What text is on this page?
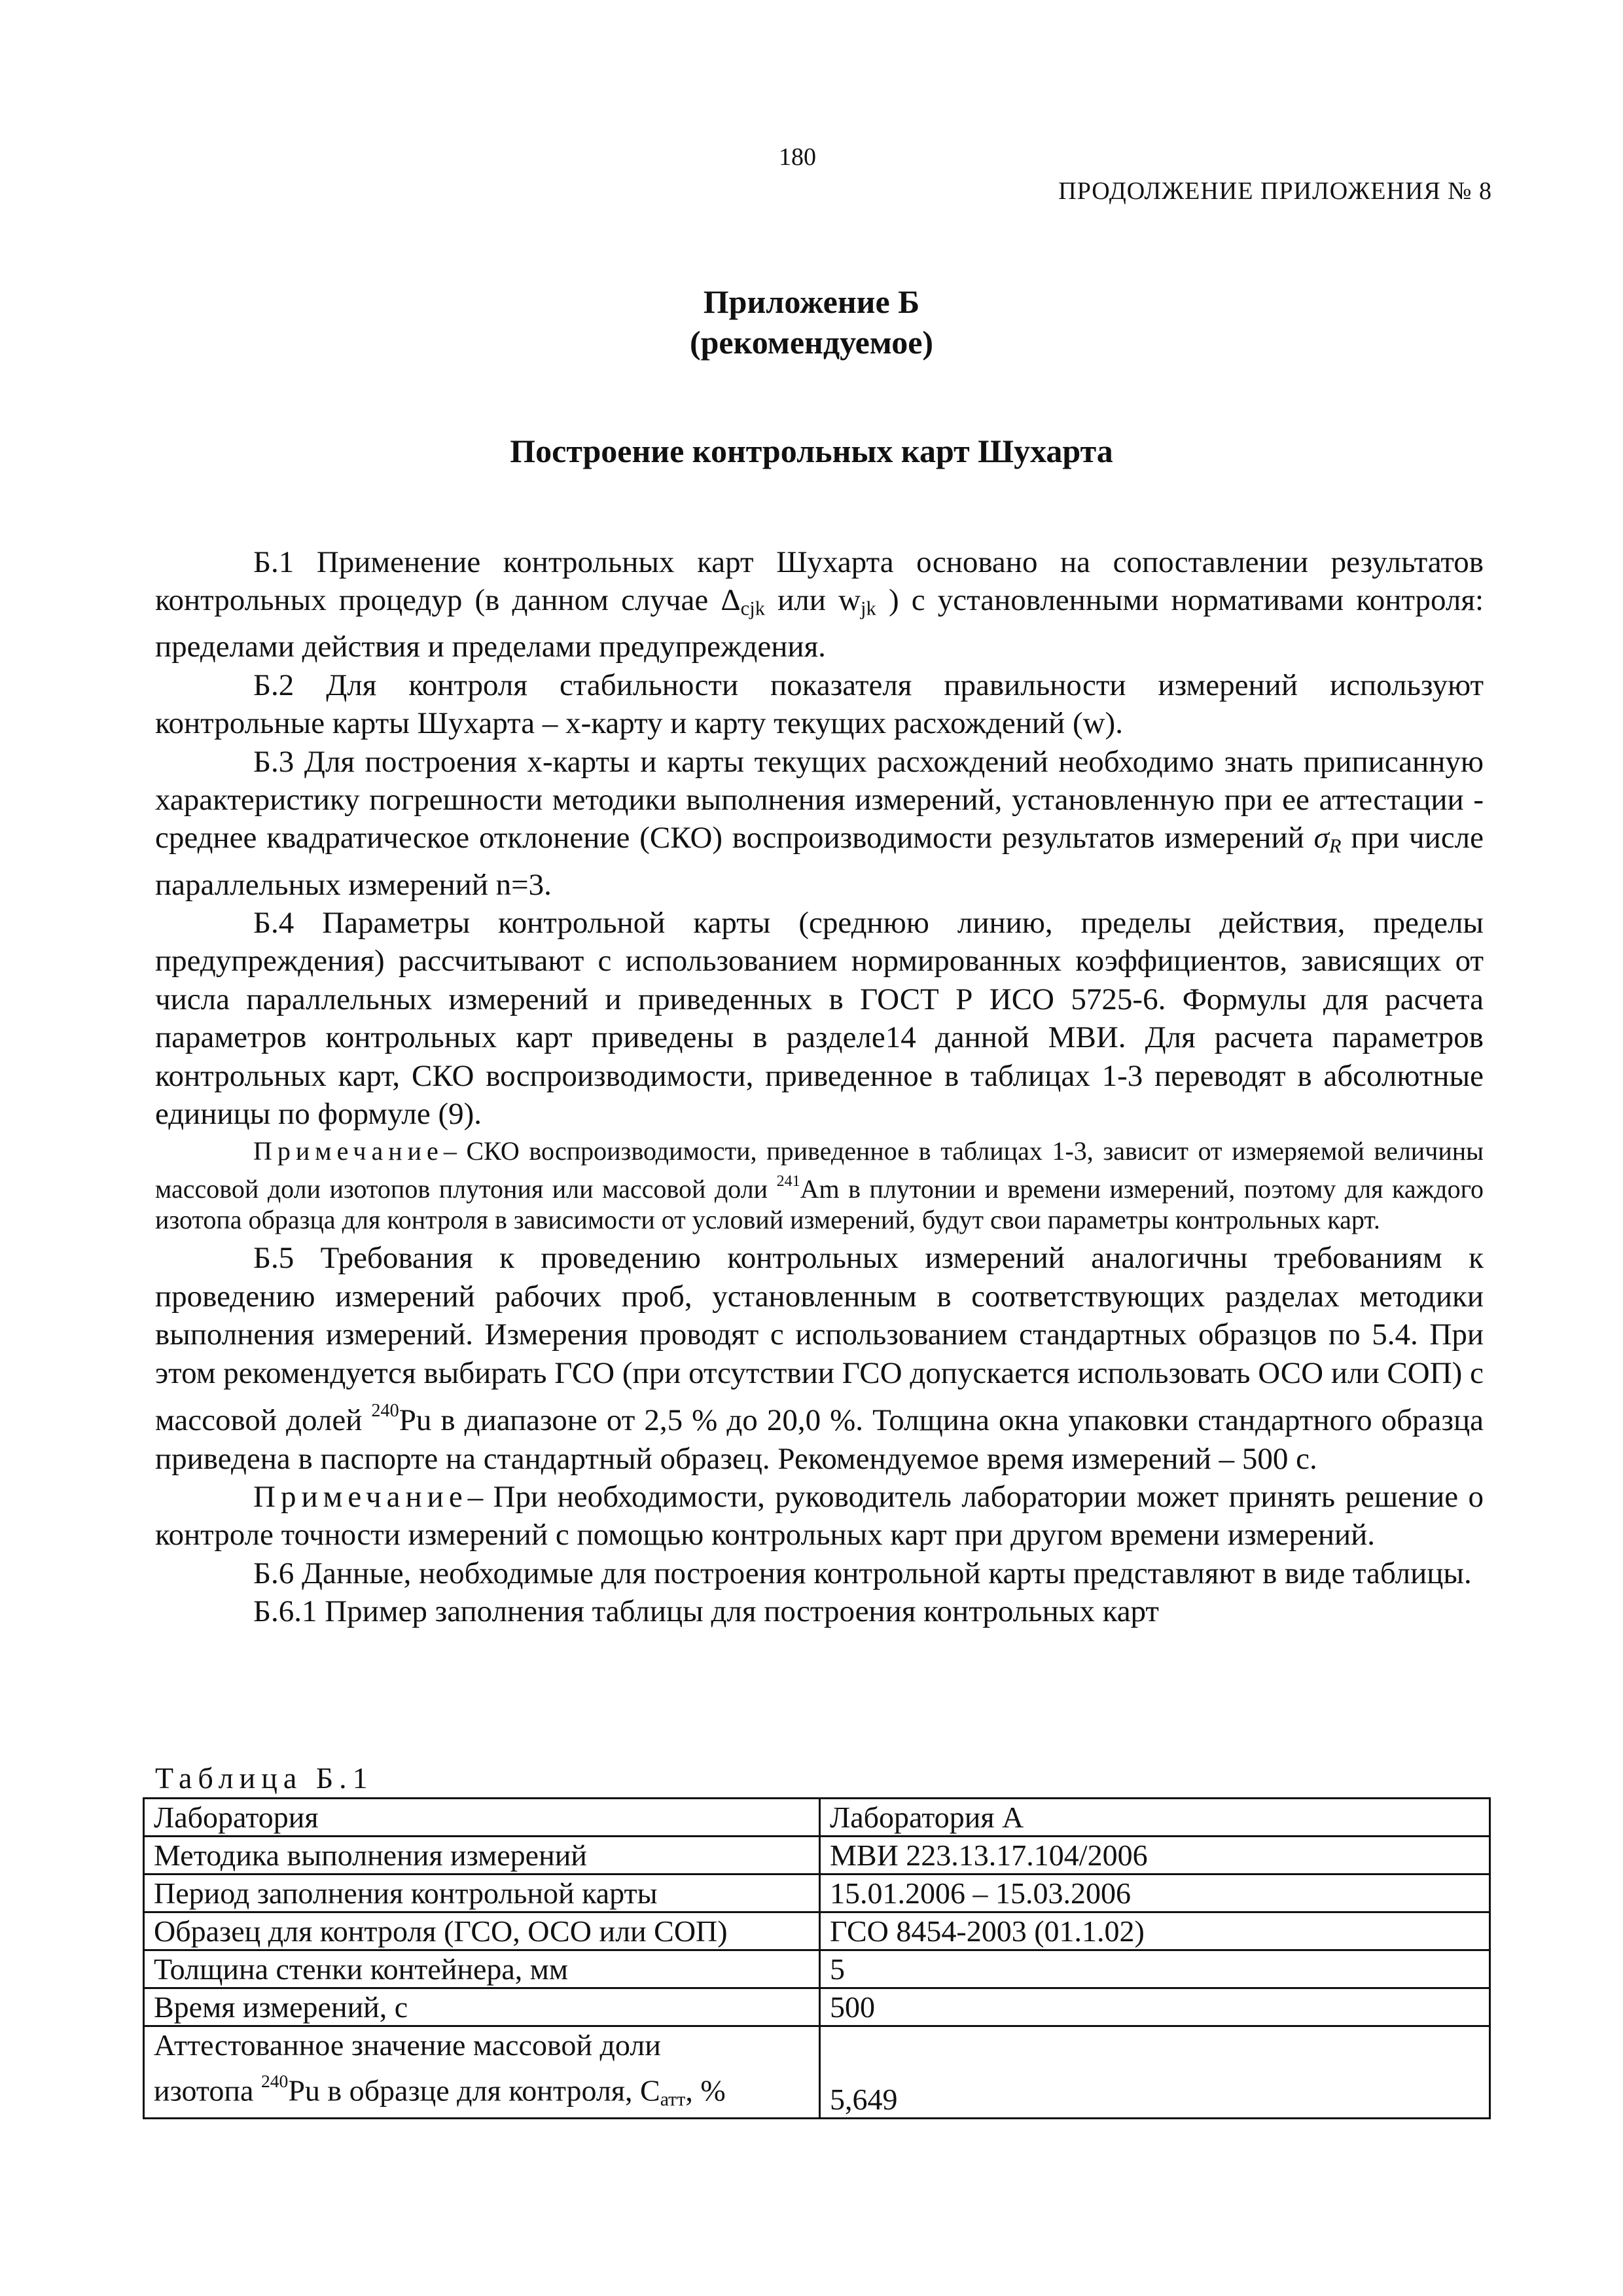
180
ПРОДОЛЖЕНИЕ ПРИЛОЖЕНИЯ № 8
Приложение Б
(рекомендуемое)
Построение контрольных карт Шухарта

Б.1 Применение контрольных карт Шухарта основано на сопоставлении результатов контрольных процедур (в данном случае $\Delta_{cjk}$ или $w_{jk}$ ) с установленными нормативами контроля: пределами действия и пределами предупреждения.

Б.2 Для контроля стабильности показателя правильности измерений используют контрольные карты Шухарта – x-карту и карту текущих расхождений (w).

Б.3 Для построения x-карты и карты текущих расхождений необходимо знать приписанную характеристику погрешности методики выполнения измерений, установленную при ее аттестации - среднее квадратическое отклонение (СКО) воспроизводимости результатов измерений $\sigma_R$ при числе параллельных измерений n=3.

Б.4 Параметры контрольной карты (среднюю линию, пределы действия, пределы предупреждения) рассчитывают с использованием нормированных коэффициентов, зависящих от числа параллельных измерений и приведенных в ГОСТ Р ИСО 5725-6. Формулы для расчета параметров контрольных карт приведены в разделе14 данной МВИ. Для расчета параметров контрольных карт, СКО воспроизводимости, приведенное в таблицах 1-3 переводят в абсолютные единицы по формуле (9).

Примечание– СКО воспроизводимости, приведенное в таблицах 1-3, зависит от измеряемой величины массовой доли изотопов плутония или массовой доли $^{241}$Am в плутонии и времени измерений, поэтому для каждого изотопа образца для контроля в зависимости от условий измерений, будут свои параметры контрольных карт.

Б.5 Требования к проведению контрольных измерений аналогичны требованиям к проведению измерений рабочих проб, установленным в соответствующих разделах методики выполнения измерений. Измерения проводят с использованием стандартных образцов по 5.4. При этом рекомендуется выбирать ГСО (при отсутствии ГСО допускается использовать ОСО или СОП) с массовой долей $^{240}$Pu в диапазоне от 2,5 % до 20,0 %. Толщина окна упаковки стандартного образца приведена в паспорте на стандартный образец. Рекомендуемое время измерений – 500 с.

Примечание– При необходимости, руководитель лаборатории может принять решение о контроле точности измерений с помощью контрольных карт при другом времени измерений.

Б.6 Данные, необходимые для построения контрольной карты представляют в виде таблицы.

Б.6.1 Пример заполнения таблицы для построения контрольных карт

Таблица Б.1
Лаборатория	Лаборатория А
Методика выполнения измерений	МВИ 223.13.17.104/2006
Период заполнения контрольной карты	15.01.2006 – 15.03.2006
Образец для контроля (ГСО, ОСО или СОП)	ГСО 8454-2003 (01.1.02)
Толщина стенки контейнера, мм	5
Время измерений, с	500

Аттестованное значение массовой доли
изотопа $^{240}$Pu в образце для контроля, $C_{атт}$, %	5,649
